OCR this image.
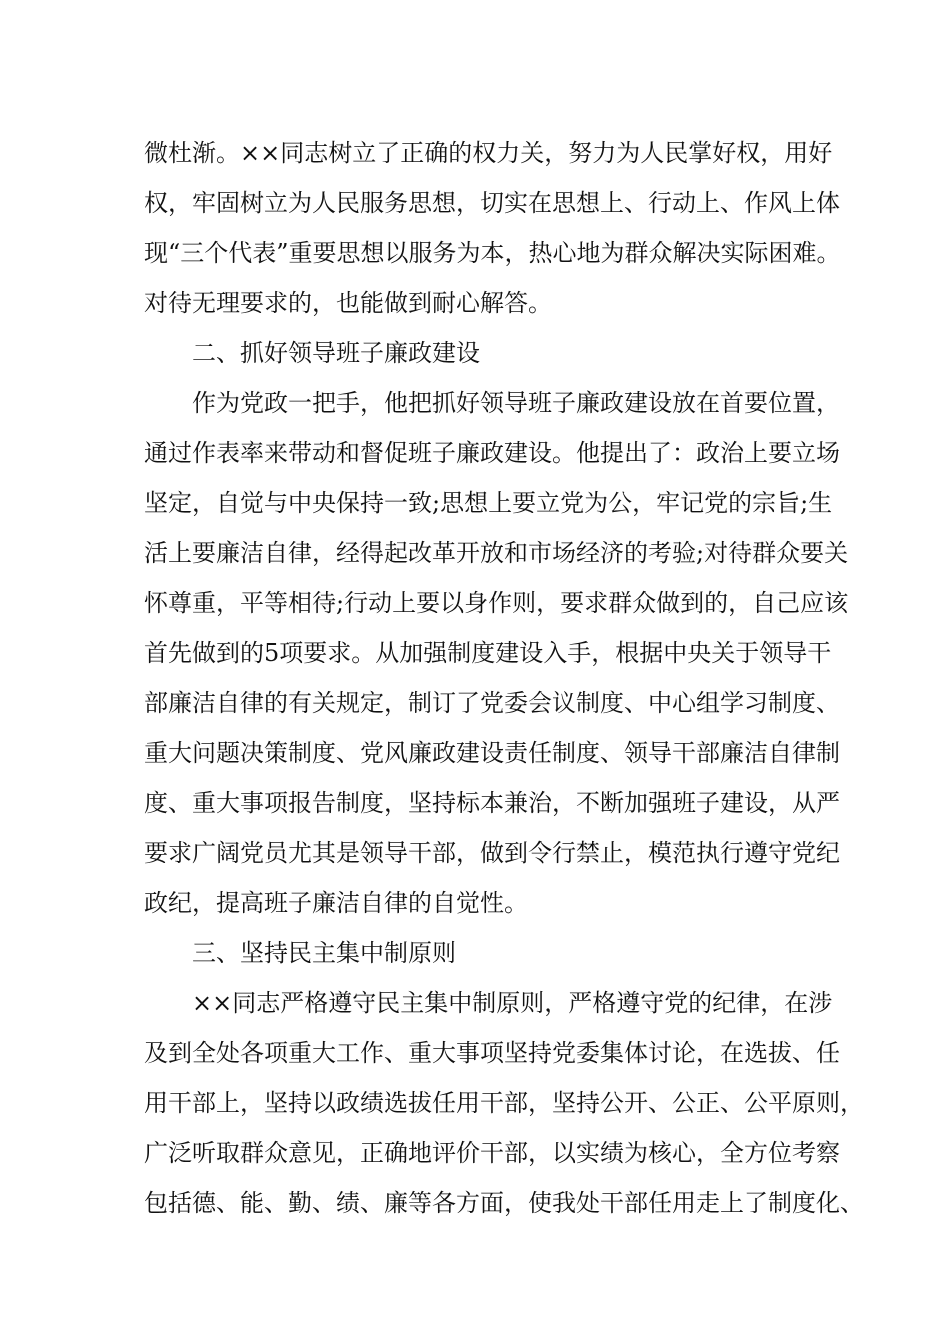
微杜渐。××同志树立了正确的权力关，努力为人民掌好权，用好
权，牢固树立为人民服务思想，切实在思想上、行动上、作风上体
现“三个代表”重要思想以服务为本，热心地为群众解决实际困难。
对待无理要求的，也能做到耐心解答。
二、抓好领导班子廉政建设
作为党政一把手，他把抓好领导班子廉政建设放在首要位置，
通过作表率来带动和督促班子廉政建设。他提出了：政治上要立场
坚定，自觉与中央保持一致;思想上要立党为公，牢记党的宗旨;生
活上要廉洁自律，经得起改革开放和市场经济的考验;对待群众要关
怀尊重，平等相待;行动上要以身作则，要求群众做到的，自己应该
首先做到的5项要求。从加强制度建设入手，根据中央关于领导干
部廉洁自律的有关规定，制订了党委会议制度、中心组学习制度、
重大问题决策制度、党风廉政建设责任制度、领导干部廉洁自律制
度、重大事项报告制度，坚持标本兼治，不断加强班子建设，从严
要求广阔党员尤其是领导干部，做到令行禁止，模范执行遵守党纪
政纪，提高班子廉洁自律的自觉性。
三、坚持民主集中制原则
××同志严格遵守民主集中制原则，严格遵守党的纪律，在涉
及到全处各项重大工作、重大事项坚持党委集体讨论，在选拔、任
用干部上，坚持以政绩选拔任用干部，坚持公开、公正、公平原则，
广泛听取群众意见，正确地评价干部，以实绩为核心，全方位考察
包括德、能、勤、绩、廉等各方面，使我处干部任用走上了制度化、
